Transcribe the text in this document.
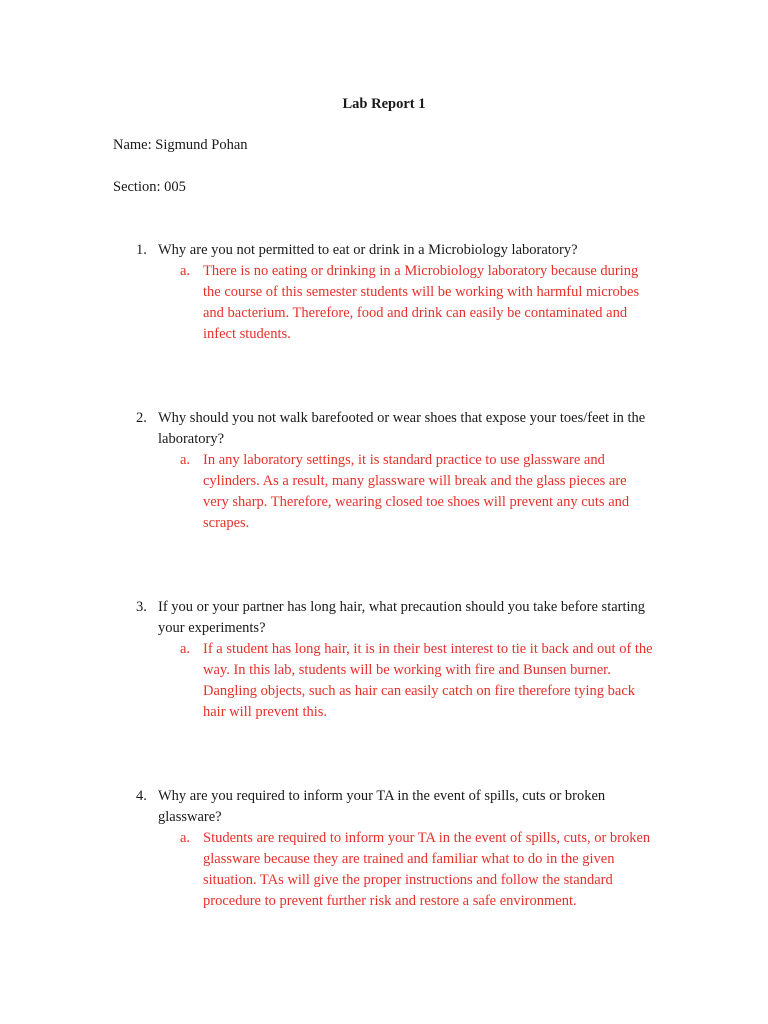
Lab Report 1
Name: Sigmund Pohan
Section: 005
1. Why are you not permitted to eat or drink in a Microbiology laboratory?
a. There is no eating or drinking in a Microbiology laboratory because during the course of this semester students will be working with harmful microbes and bacterium. Therefore, food and drink can easily be contaminated and infect students.
2. Why should you not walk barefooted or wear shoes that expose your toes/feet in the laboratory?
a. In any laboratory settings, it is standard practice to use glassware and cylinders. As a result, many glassware will break and the glass pieces are very sharp. Therefore, wearing closed toe shoes will prevent any cuts and scrapes.
3. If you or your partner has long hair, what precaution should you take before starting your experiments?
a. If a student has long hair, it is in their best interest to tie it back and out of the way. In this lab, students will be working with fire and Bunsen burner. Dangling objects, such as hair can easily catch on fire therefore tying back hair will prevent this.
4. Why are you required to inform your TA in the event of spills, cuts or broken glassware?
a. Students are required to inform your TA in the event of spills, cuts, or broken glassware because they are trained and familiar what to do in the given situation. TAs will give the proper instructions and follow the standard procedure to prevent further risk and restore a safe environment.
